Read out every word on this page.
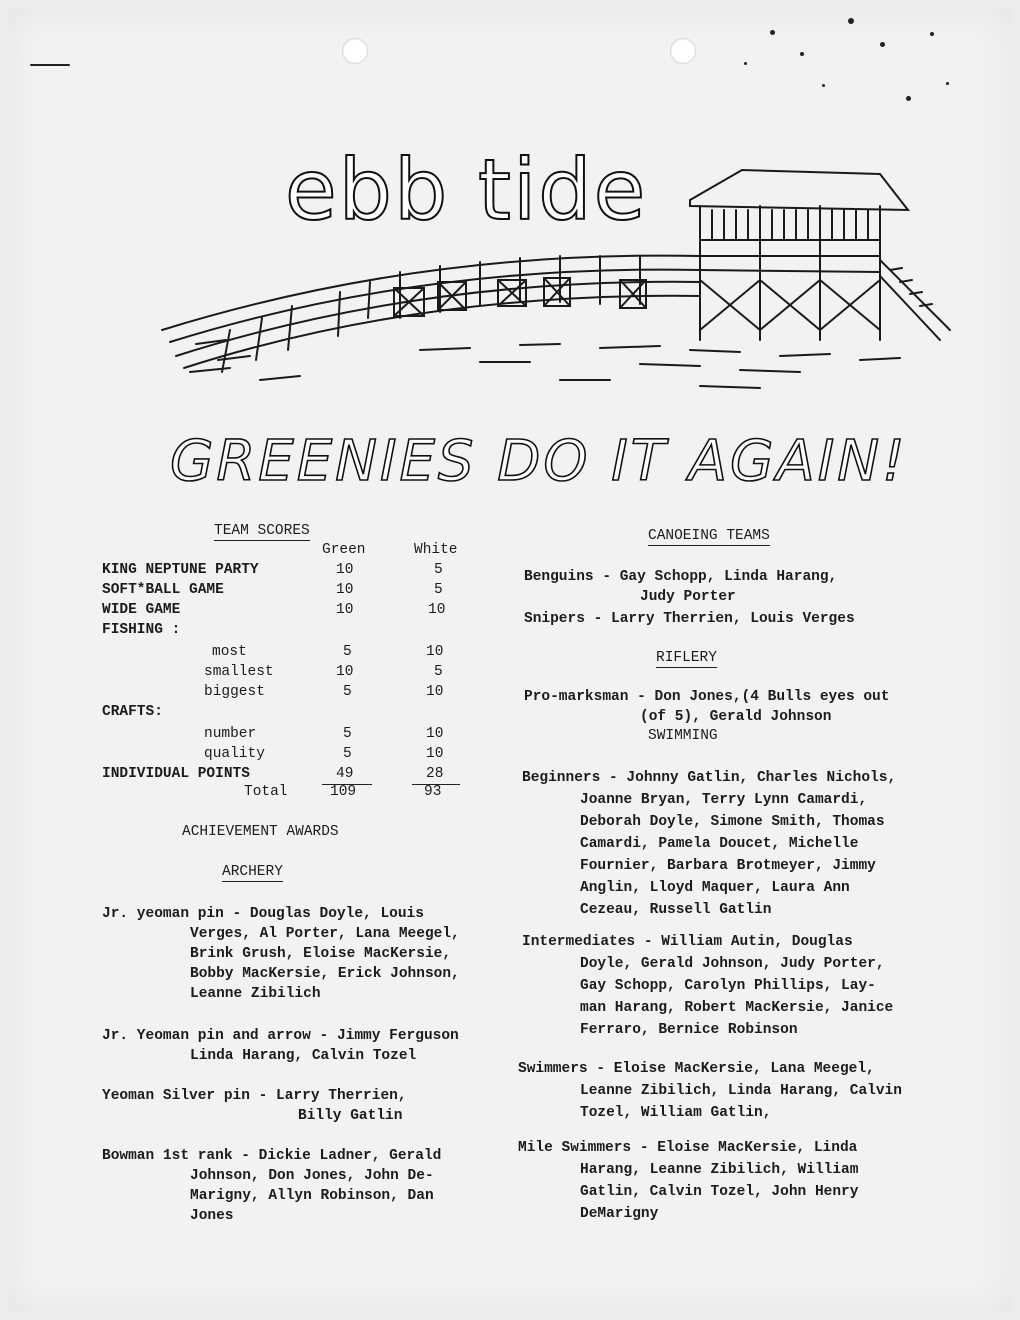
ebb tide
GREENIES DO IT AGAIN!
TEAM SCORES
Green	White
KING NEPTUNE PARTY	10	5
SOFT*BALL GAME	10	5
WIDE GAME	10	10
FISHING :
most	5	10
smallest	10	5
biggest	5	10
CRAFTS:
number	5	10
quality	5	10
INDIVIDUAL POINTS	49	28
Total	109	93
ACHIEVEMENT AWARDS
ARCHERY
Jr. yeoman pin - Douglas Doyle, Louis
Verges, Al Porter, Lana Meegel,
Brink Grush, Eloise MacKersie,
Bobby MacKersie, Erick Johnson,
Leanne Zibilich
Jr. Yeoman pin and arrow - Jimmy Ferguson
Linda Harang, Calvin Tozel
Yeoman Silver pin - Larry Therrien,
Billy Gatlin
Bowman 1st rank - Dickie Ladner, Gerald
Johnson, Don Jones, John De-
Marigny, Allyn Robinson, Dan
Jones
CANOEING TEAMS
Benguins - Gay Schopp, Linda Harang,
Judy Porter
Snipers - Larry Therrien, Louis Verges
RIFLERY
Pro-marksman - Don Jones,(4 Bulls eyes out
(of 5), Gerald Johnson
SWIMMING
Beginners - Johnny Gatlin, Charles Nichols,
Joanne Bryan, Terry Lynn Camardi,
Deborah Doyle, Simone Smith, Thomas
Camardi, Pamela Doucet, Michelle
Fournier, Barbara Brotmeyer, Jimmy
Anglin, Lloyd Maquer, Laura Ann
Cezeau, Russell Gatlin
Intermediates - William Autin, Douglas
Doyle, Gerald Johnson, Judy Porter,
Gay Schopp, Carolyn Phillips, Lay-
man Harang, Robert MacKersie, Janice
Ferraro, Bernice Robinson
Swimmers - Eloise MacKersie, Lana Meegel,
Leanne Zibilich, Linda Harang, Calvin
Tozel, William Gatlin,
Mile Swimmers - Eloise MacKersie, Linda
Harang, Leanne Zibilich, William
Gatlin, Calvin Tozel, John Henry
DeMarigny
